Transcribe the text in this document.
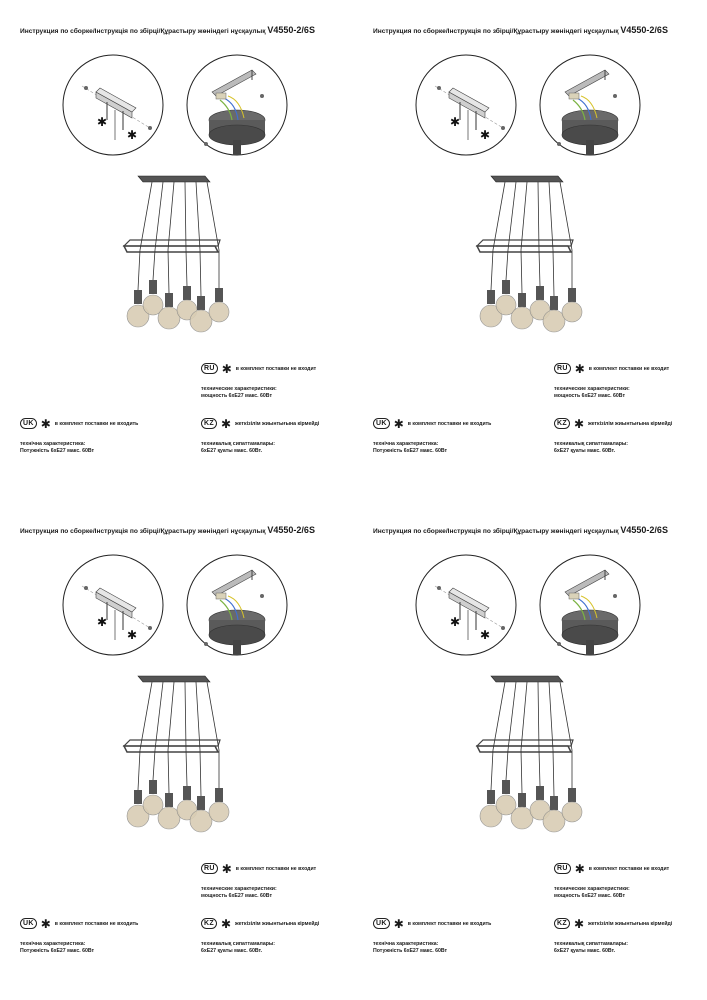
Инструкция по сборке/Інструкція по збірці/Құрастыру жөніндегі нұсқаулық V4550-2/6S
✱
✱
RU ✱ в комплект поставки не входит
технические характеристики:
мощность 6хЕ27 макс. 60Вт
KZ ✱ жеткізілім жиынтығына кірмейді
техникалық сипаттамалары:
6хЕ27 қуаты макс. 60Вт.
UK ✱ в комплект поставки не входить
технічна характеристика:
Потужність 6хЕ27 макс. 60Вт
Инструкция по сборке/Інструкція по збірці/Құрастыру жөніндегі нұсқаулық V4550-2/6S
✱
✱
RU ✱ в комплект поставки не входит
технические характеристики:
мощность 6хЕ27 макс. 60Вт
KZ ✱ жеткізілім жиынтығына кірмейді
техникалық сипаттамалары:
6хЕ27 қуаты макс. 60Вт.
UK ✱ в комплект поставки не входить
технічна характеристика:
Потужність 6хЕ27 макс. 60Вт
Инструкция по сборке/Інструкція по збірці/Құрастыру жөніндегі нұсқаулық V4550-2/6S
✱
✱
RU ✱ в комплект поставки не входит
технические характеристики:
мощность 6хЕ27 макс. 60Вт
KZ ✱ жеткізілім жиынтығына кірмейді
техникалық сипаттамалары:
6хЕ27 қуаты макс. 60Вт.
UK ✱ в комплект поставки не входить
технічна характеристика:
Потужність 6хЕ27 макс. 60Вт
Инструкция по сборке/Інструкція по збірці/Құрастыру жөніндегі нұсқаулық V4550-2/6S
✱
✱
RU ✱ в комплект поставки не входит
технические характеристики:
мощность 6хЕ27 макс. 60Вт
KZ ✱ жеткізілім жиынтығына кірмейді
техникалық сипаттамалары:
6хЕ27 қуаты макс. 60Вт.
UK ✱ в комплект поставки не входить
технічна характеристика:
Потужність 6хЕ27 макс. 60Вт
